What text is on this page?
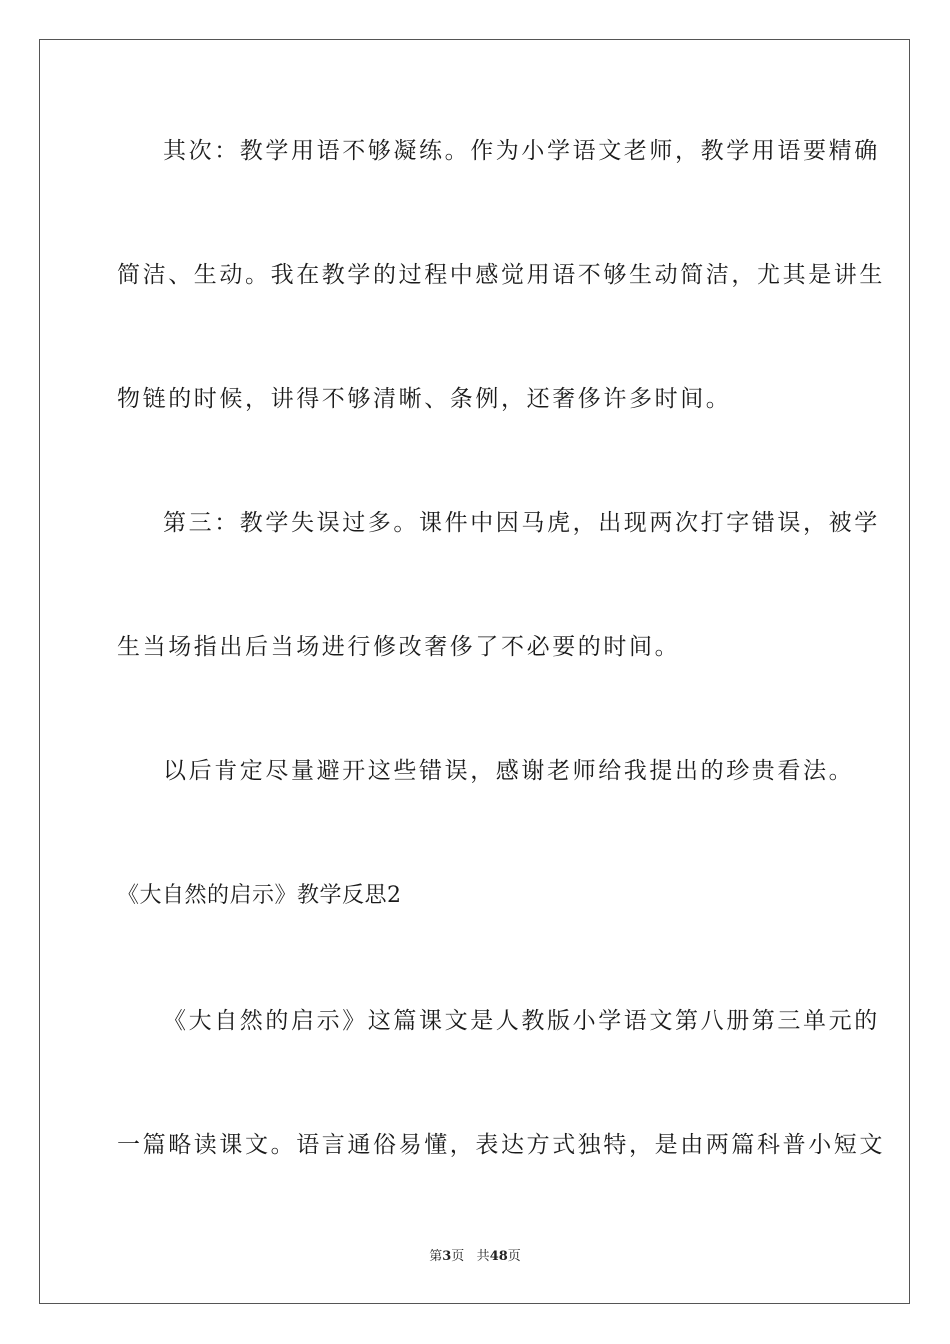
其次：教学用语不够凝练。作为小学语文老师，教学用语要精确
简洁、生动。我在教学的过程中感觉用语不够生动简洁，尤其是讲生
物链的时候，讲得不够清晰、条例，还奢侈许多时间。
第三：教学失误过多。课件中因马虎，出现两次打字错误，被学
生当场指出后当场进行修改奢侈了不必要的时间。
以后肯定尽量避开这些错误，感谢老师给我提出的珍贵看法。
《大自然的启示》教学反思2
《大自然的启示》这篇课文是人教版小学语文第八册第三单元的
一篇略读课文。语言通俗易懂，表达方式独特，是由两篇科普小短文
第3页 共48页
